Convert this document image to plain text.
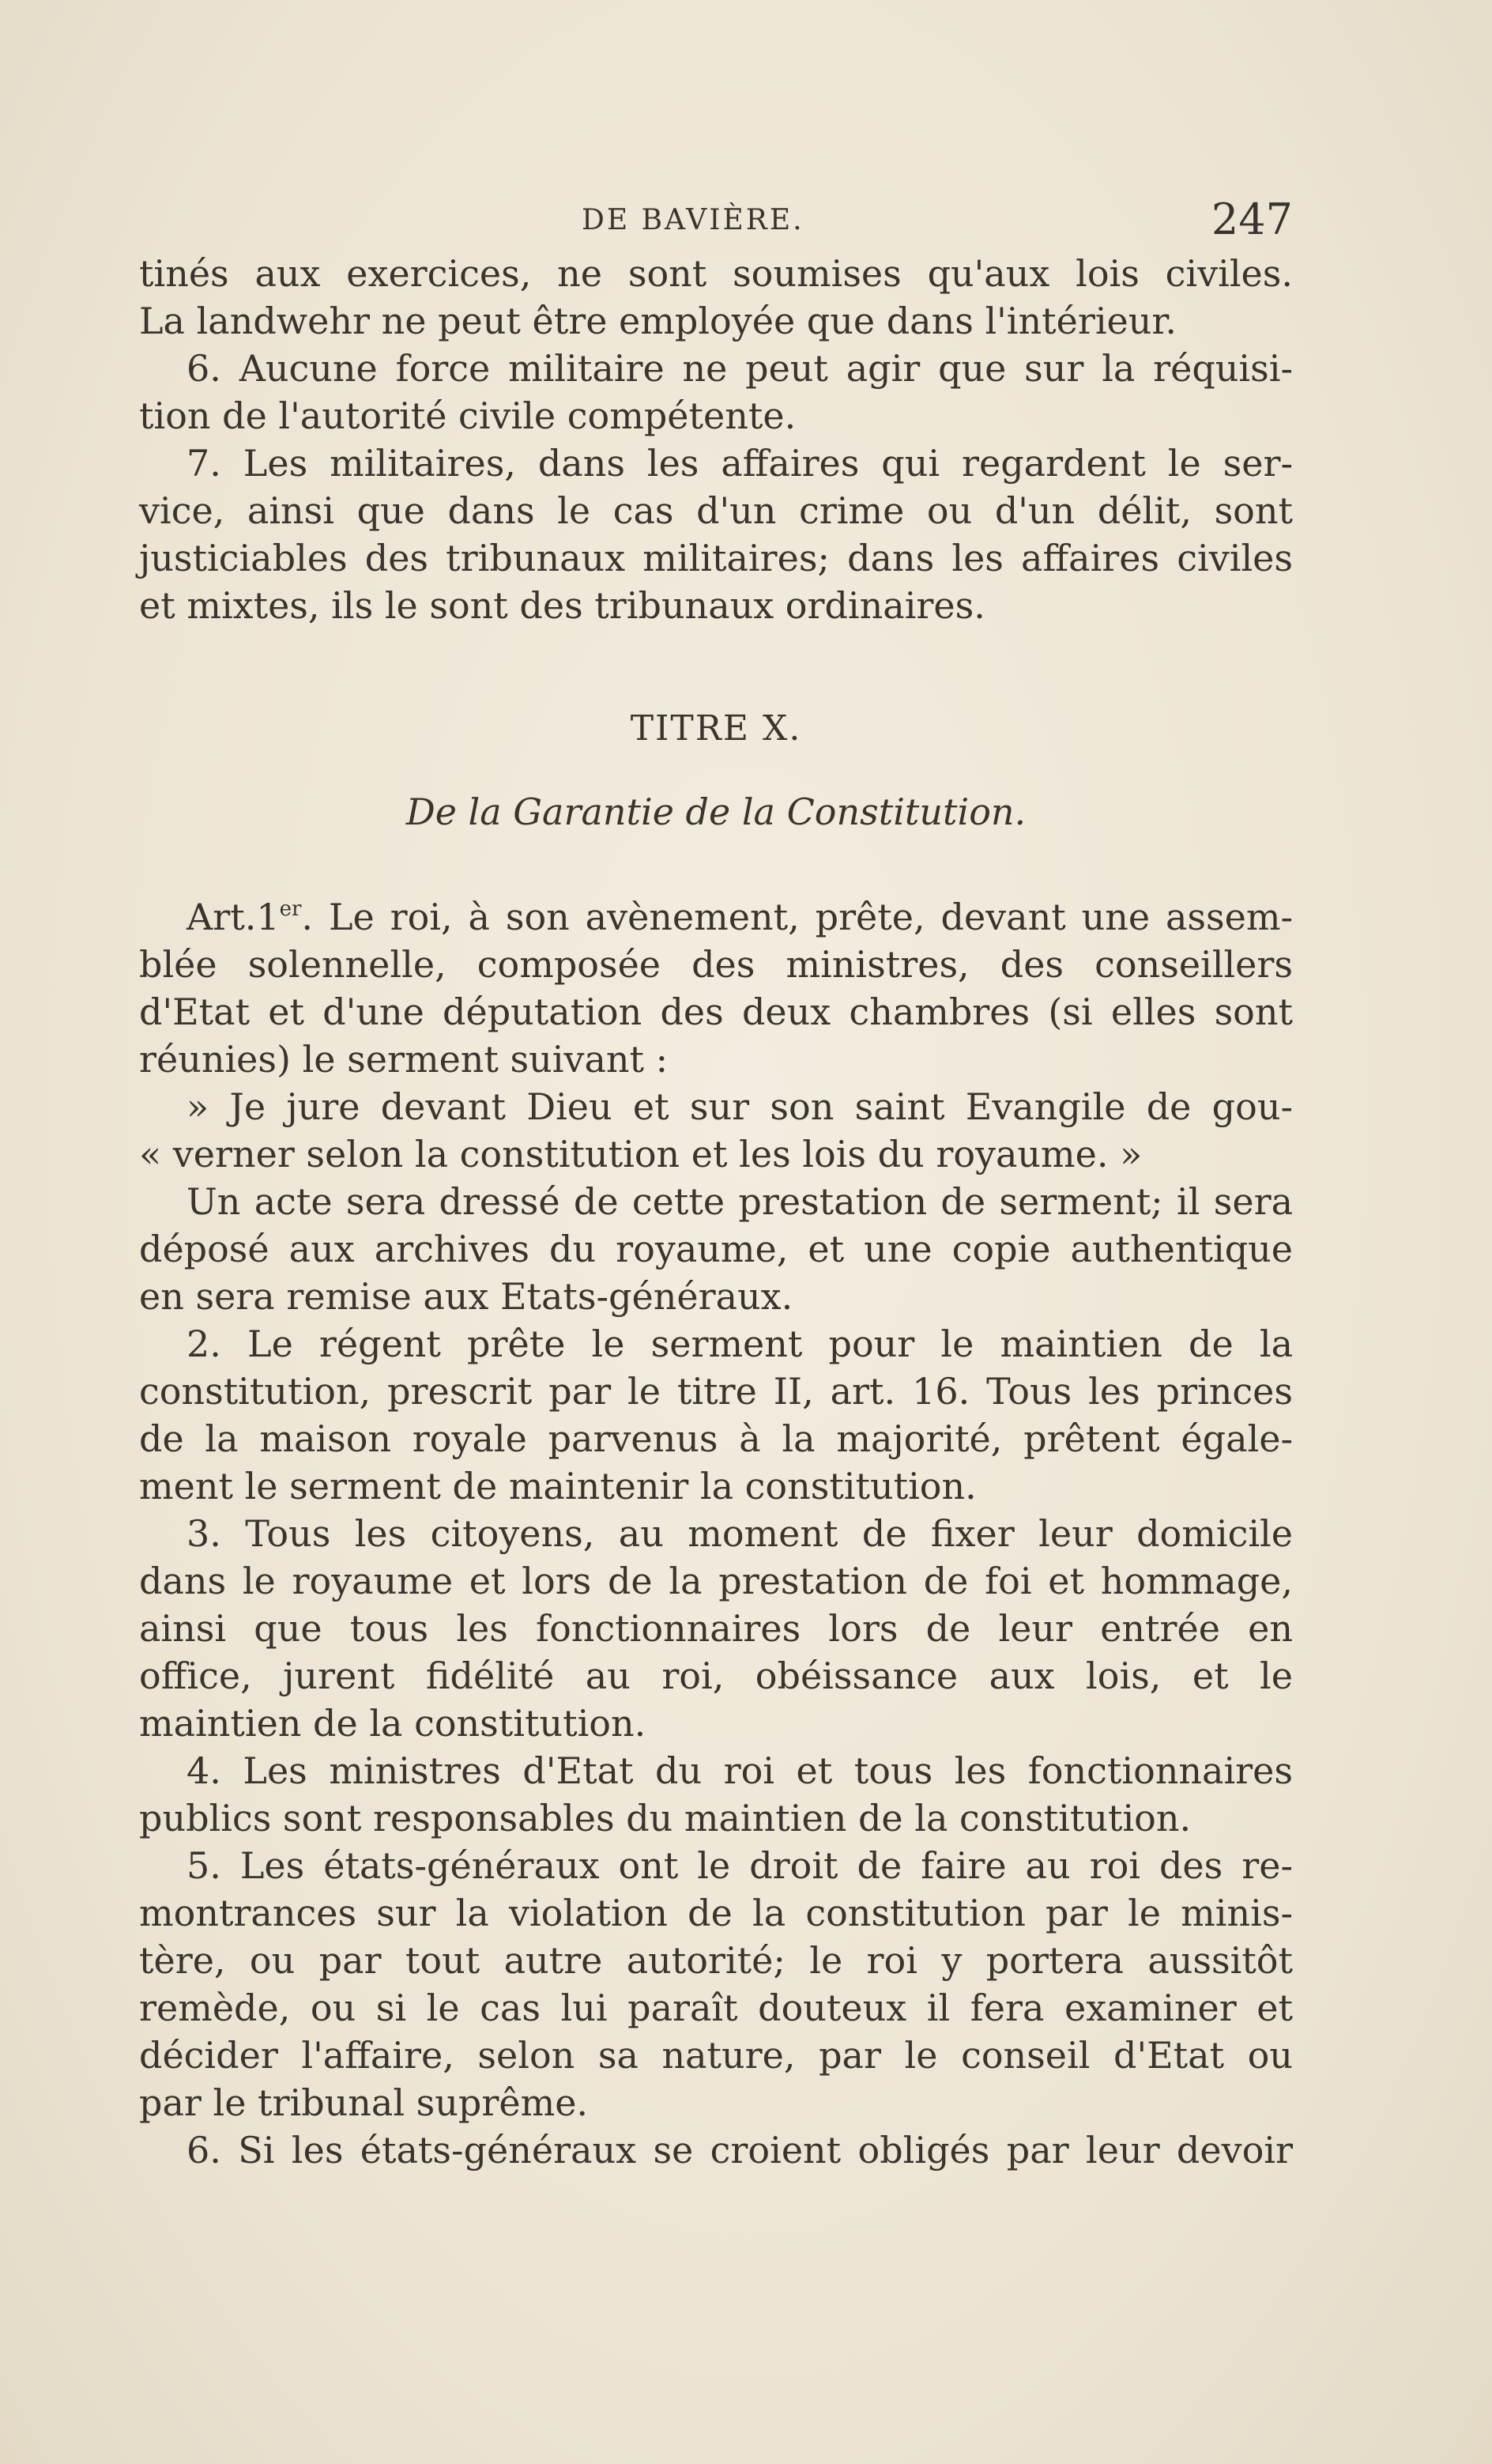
DE BAVIÈRE.	247
tinés aux exercices, ne sont soumises qu'aux lois civiles.
La landwehr ne peut être employée que dans l'intérieur.
6. Aucune force militaire ne peut agir que sur la réquisi-
tion de l'autorité civile compétente.
7. Les militaires, dans les affaires qui regardent le ser-
vice, ainsi que dans le cas d'un crime ou d'un délit, sont
justiciables des tribunaux militaires; dans les affaires civiles
et mixtes, ils le sont des tribunaux ordinaires.
TITRE X.
De la Garantie de la Constitution.
Art.1er. Le roi, à son avènement, prête, devant une assem-
blée solennelle, composée des ministres, des conseillers
d'Etat et d'une députation des deux chambres (si elles sont
réunies) le serment suivant :
» Je jure devant Dieu et sur son saint Evangile de gou-
« verner selon la constitution et les lois du royaume. »
Un acte sera dressé de cette prestation de serment; il sera
déposé aux archives du royaume, et une copie authentique
en sera remise aux Etats-généraux.
2. Le régent prête le serment pour le maintien de la
constitution, prescrit par le titre II, art. 16. Tous les princes
de la maison royale parvenus à la majorité, prêtent égale-
ment le serment de maintenir la constitution.
3. Tous les citoyens, au moment de fixer leur domicile
dans le royaume et lors de la prestation de foi et hommage,
ainsi que tous les fonctionnaires lors de leur entrée en
office, jurent fidélité au roi, obéissance aux lois, et le
maintien de la constitution.
4. Les ministres d'Etat du roi et tous les fonctionnaires
publics sont responsables du maintien de la constitution.
5. Les états-généraux ont le droit de faire au roi des re-
montrances sur la violation de la constitution par le minis-
tère, ou par tout autre autorité; le roi y portera aussitôt
remède, ou si le cas lui paraît douteux il fera examiner et
décider l'affaire, selon sa nature, par le conseil d'Etat ou
par le tribunal suprême.
6. Si les états-généraux se croient obligés par leur devoir
